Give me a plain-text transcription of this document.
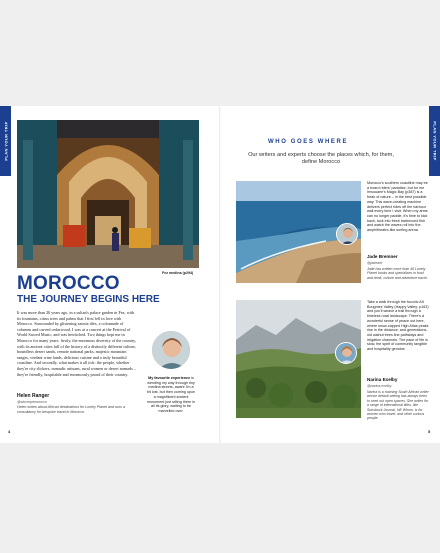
PLAN YOUR TRIP
Fez medina (p294)
MOROCCO
THE JOURNEY BEGINS HERE
It was more than 20 years ago, in a sultan's palace garden in Fez, with its fountains, citrus trees and palms that I first fell in love with Morocco. Surrounded by glistening zaouïa tiles, a colonnade of columns and carved cedarwood, I was at a concert at the Festival of World Sacred Music, and was bewitched. Two things kept me in Morocco for many years: firstly, the enormous diversity of the country, with its ancient cities full of the history of a distinctly different culture, boundless desert sands, remote national parks, majestic mountain ranges, verdant wine lands, delicious cuisine and a truly beautiful coastline. And secondly, what makes it all tick: the people, whether they're city slickers, nomadic artisans, rural women or desert nomads – they're friendly, hospitable and enormously proud of their country.
Helen Ranger
@sincerperonocco
Helen writes about African destinations for Lonely Planet and runs a consultancy for bespoke travel in Morocco.
My favourite experience is wending my way through tiny medina streets, aware I'm a bit lost, but then coming upon a magnificent ancient monument just sitting there in all its glory, waiting to be marvelled over.
4
PLAN YOUR TRIP
WHO GOES WHERE
Our writers and experts choose the places which, for them, define Morocco
Morocco's southern coastline may be a board riders' paradise, but for me Imsouane's Magic Bay (p387) is a freak of nature – in the best possible way. This wave-creating machine delivers perfect rides off the harbour wall every time I visit. When my arms can no longer paddle, it's time to kick back, tuck into fresh barbecued fish and watch the waves roll into the amphitheatre-like surfing arena.
Jade Bremner
@jadeaet
Jade has written more than 40 Lonely Planet books and specialises in food and drink, culture and adventure travel.
Take a walk through the bucolic Aït Bougmez Valley (Happy Valley; p163) and you'll weave a trail through a timeless rural landscape. There's a wonderful sense of peace out here, where snow-capped High Atlas peaks rise in the distance, and generations-old walnut trees line pathways and irrigation channels. The pace of life is slow, the spirit of community tangible and hospitality genuine.
Narina Exelby
@narina.exelby
Narina is a roaming South African writer whose default setting has always been to seek out open spaces. She writes for a range of international titles, like Sunstruck Journal, NE Whom. is for women who travel, and other curious people.
5
